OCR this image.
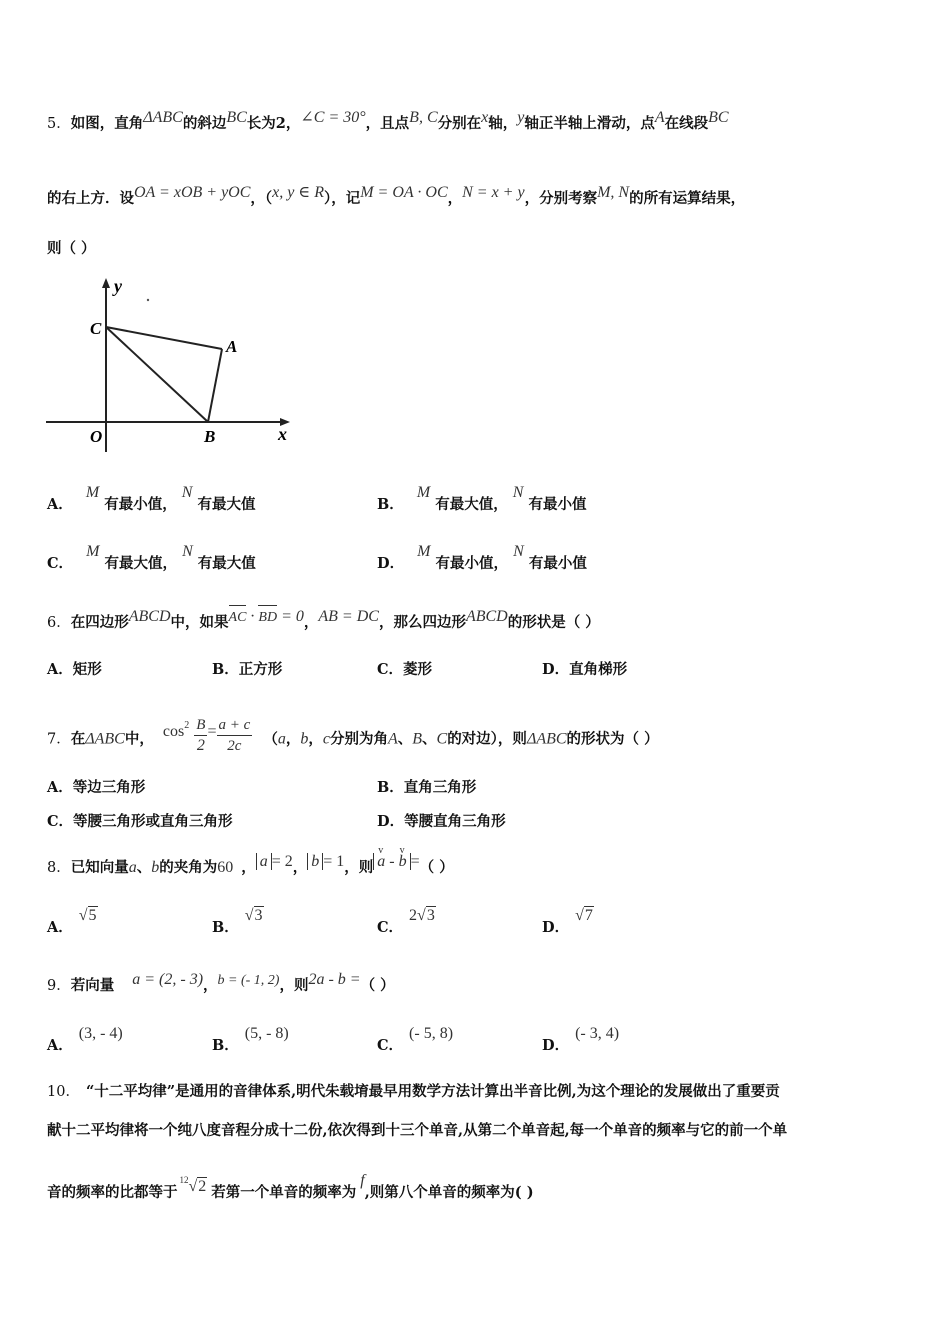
5．如图，直角ΔABC的斜边BC长为2，∠C = 30°，且点B, C分别在x轴，y轴正半轴上滑动，点A在线段BC
的右上方．设OA = xOB + yOC，（x, y ∈ R），记M = OA · OC，N = x + y，分别考察M, N的所有运算结果，
则（ ）
y
C
A
O	B	x
A． M 有最小值， N 有最大值	B． M 有最大值， N 有最小值
C． M 有最大值， N 有最大值	D． M 有最小值， N 有最小值
6．在四边形ABCD中，如果AC · BD = 0，AB = DC，那么四边形ABCD的形状是（ ）
A．矩形	B．正方形	C．菱形	D．直角梯形
7．在ΔABC中， $\cos^2 \frac{B}{2} = \frac{a + c}{2c} (a$，b，c分别为角A、B、C的对边），则ΔABC的形状为（ ）
A．等边三角形	B．直角三角形
C．等腰三角形或直角三角形	D．等腰直角三角形
8．已知向量a、b的夹角为60 ， a = 2， b = 1，则
v
a -
v
b =（ ）
A．√5
B．√3
C．2√3
D．√7
9．若向量 a = (2, - 3)，b = (- 1, 2)，则2a - b =（ ）
A．(3, - 4)
B．(5, - 8)
C．(- 5, 8)
D．(- 3, 4)
10． “十二平均律”是通用的音律体系,明代朱载堉最早用数学方法计算出半音比例,为这个理论的发展做出了重要贡
献十二平均律将一个纯八度音程分成十二份,依次得到十三个单音,从第二个单音起,每一个单音的频率与它的前一个单
音的频率的比都等于$^{12}$√2 若第一个单音的频率为f,则第八个单音的频率为( )
